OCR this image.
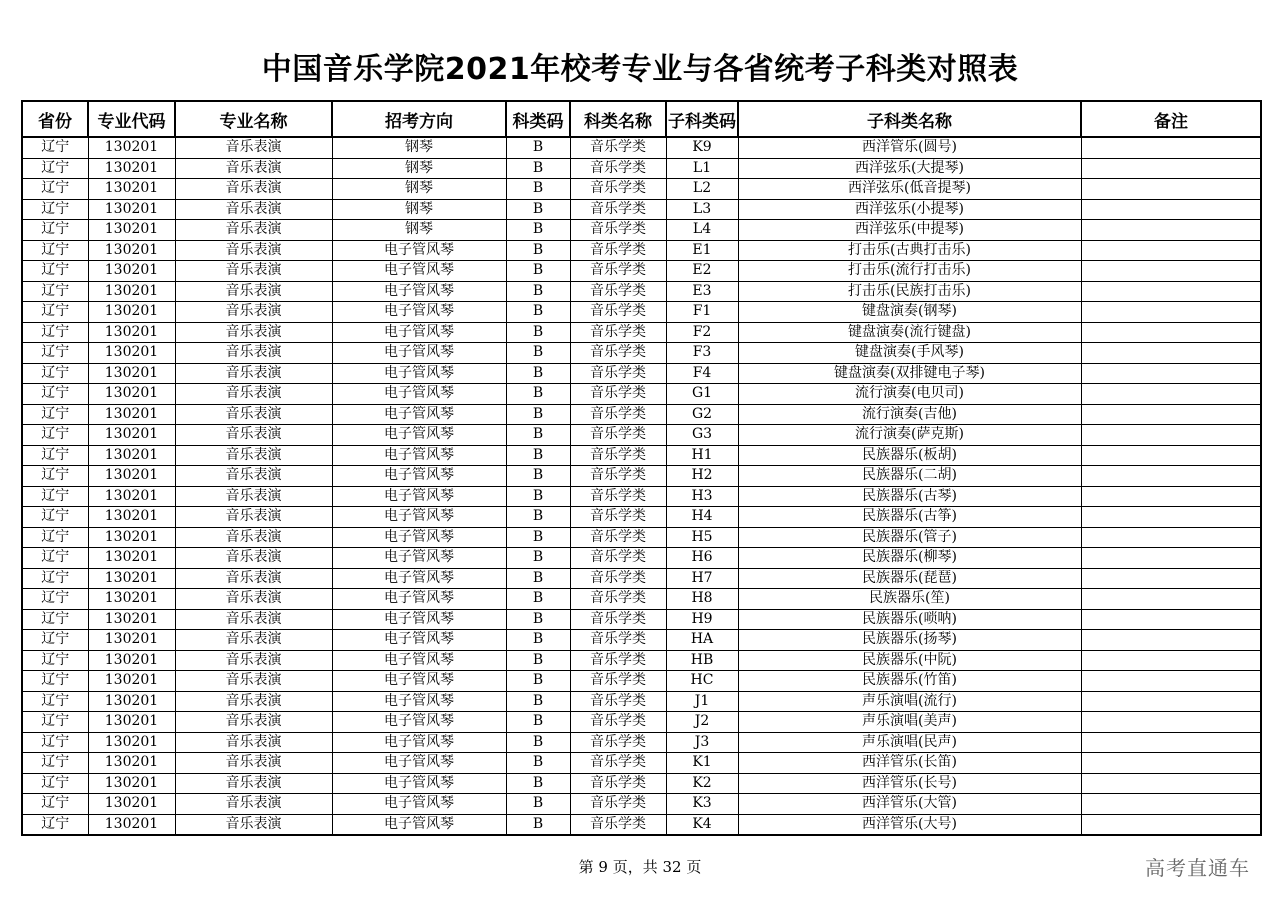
中国音乐学院2021年校考专业与各省统考子科类对照表
省份	专业代码	专业名称	招考方向	科类码	科类名称	子科类码	子科类名称	备注
辽宁	130201	音乐表演	钢琴	B	音乐学类	K9	西洋管乐(圆号)	
辽宁	130201	音乐表演	钢琴	B	音乐学类	L1	西洋弦乐(大提琴)	
辽宁	130201	音乐表演	钢琴	B	音乐学类	L2	西洋弦乐(低音提琴)	
辽宁	130201	音乐表演	钢琴	B	音乐学类	L3	西洋弦乐(小提琴)	
辽宁	130201	音乐表演	钢琴	B	音乐学类	L4	西洋弦乐(中提琴)	
辽宁	130201	音乐表演	电子管风琴	B	音乐学类	E1	打击乐(古典打击乐)	
辽宁	130201	音乐表演	电子管风琴	B	音乐学类	E2	打击乐(流行打击乐)	
辽宁	130201	音乐表演	电子管风琴	B	音乐学类	E3	打击乐(民族打击乐)	
辽宁	130201	音乐表演	电子管风琴	B	音乐学类	F1	键盘演奏(钢琴)	
辽宁	130201	音乐表演	电子管风琴	B	音乐学类	F2	键盘演奏(流行键盘)	
辽宁	130201	音乐表演	电子管风琴	B	音乐学类	F3	键盘演奏(手风琴)	
辽宁	130201	音乐表演	电子管风琴	B	音乐学类	F4	键盘演奏(双排键电子琴)	
辽宁	130201	音乐表演	电子管风琴	B	音乐学类	G1	流行演奏(电贝司)	
辽宁	130201	音乐表演	电子管风琴	B	音乐学类	G2	流行演奏(吉他)	
辽宁	130201	音乐表演	电子管风琴	B	音乐学类	G3	流行演奏(萨克斯)	
辽宁	130201	音乐表演	电子管风琴	B	音乐学类	H1	民族器乐(板胡)	
辽宁	130201	音乐表演	电子管风琴	B	音乐学类	H2	民族器乐(二胡)	
辽宁	130201	音乐表演	电子管风琴	B	音乐学类	H3	民族器乐(古琴)	
辽宁	130201	音乐表演	电子管风琴	B	音乐学类	H4	民族器乐(古筝)	
辽宁	130201	音乐表演	电子管风琴	B	音乐学类	H5	民族器乐(管子)	
辽宁	130201	音乐表演	电子管风琴	B	音乐学类	H6	民族器乐(柳琴)	
辽宁	130201	音乐表演	电子管风琴	B	音乐学类	H7	民族器乐(琵琶)	
辽宁	130201	音乐表演	电子管风琴	B	音乐学类	H8	民族器乐(笙)	
辽宁	130201	音乐表演	电子管风琴	B	音乐学类	H9	民族器乐(唢呐)	
辽宁	130201	音乐表演	电子管风琴	B	音乐学类	HA	民族器乐(扬琴)	
辽宁	130201	音乐表演	电子管风琴	B	音乐学类	HB	民族器乐(中阮)	
辽宁	130201	音乐表演	电子管风琴	B	音乐学类	HC	民族器乐(竹笛)	
辽宁	130201	音乐表演	电子管风琴	B	音乐学类	J1	声乐演唱(流行)	
辽宁	130201	音乐表演	电子管风琴	B	音乐学类	J2	声乐演唱(美声)	
辽宁	130201	音乐表演	电子管风琴	B	音乐学类	J3	声乐演唱(民声)	
辽宁	130201	音乐表演	电子管风琴	B	音乐学类	K1	西洋管乐(长笛)	
辽宁	130201	音乐表演	电子管风琴	B	音乐学类	K2	西洋管乐(长号)	
辽宁	130201	音乐表演	电子管风琴	B	音乐学类	K3	西洋管乐(大管)	
辽宁	130201	音乐表演	电子管风琴	B	音乐学类	K4	西洋管乐(大号)	
第 9 页，共 32 页	高考直通车
